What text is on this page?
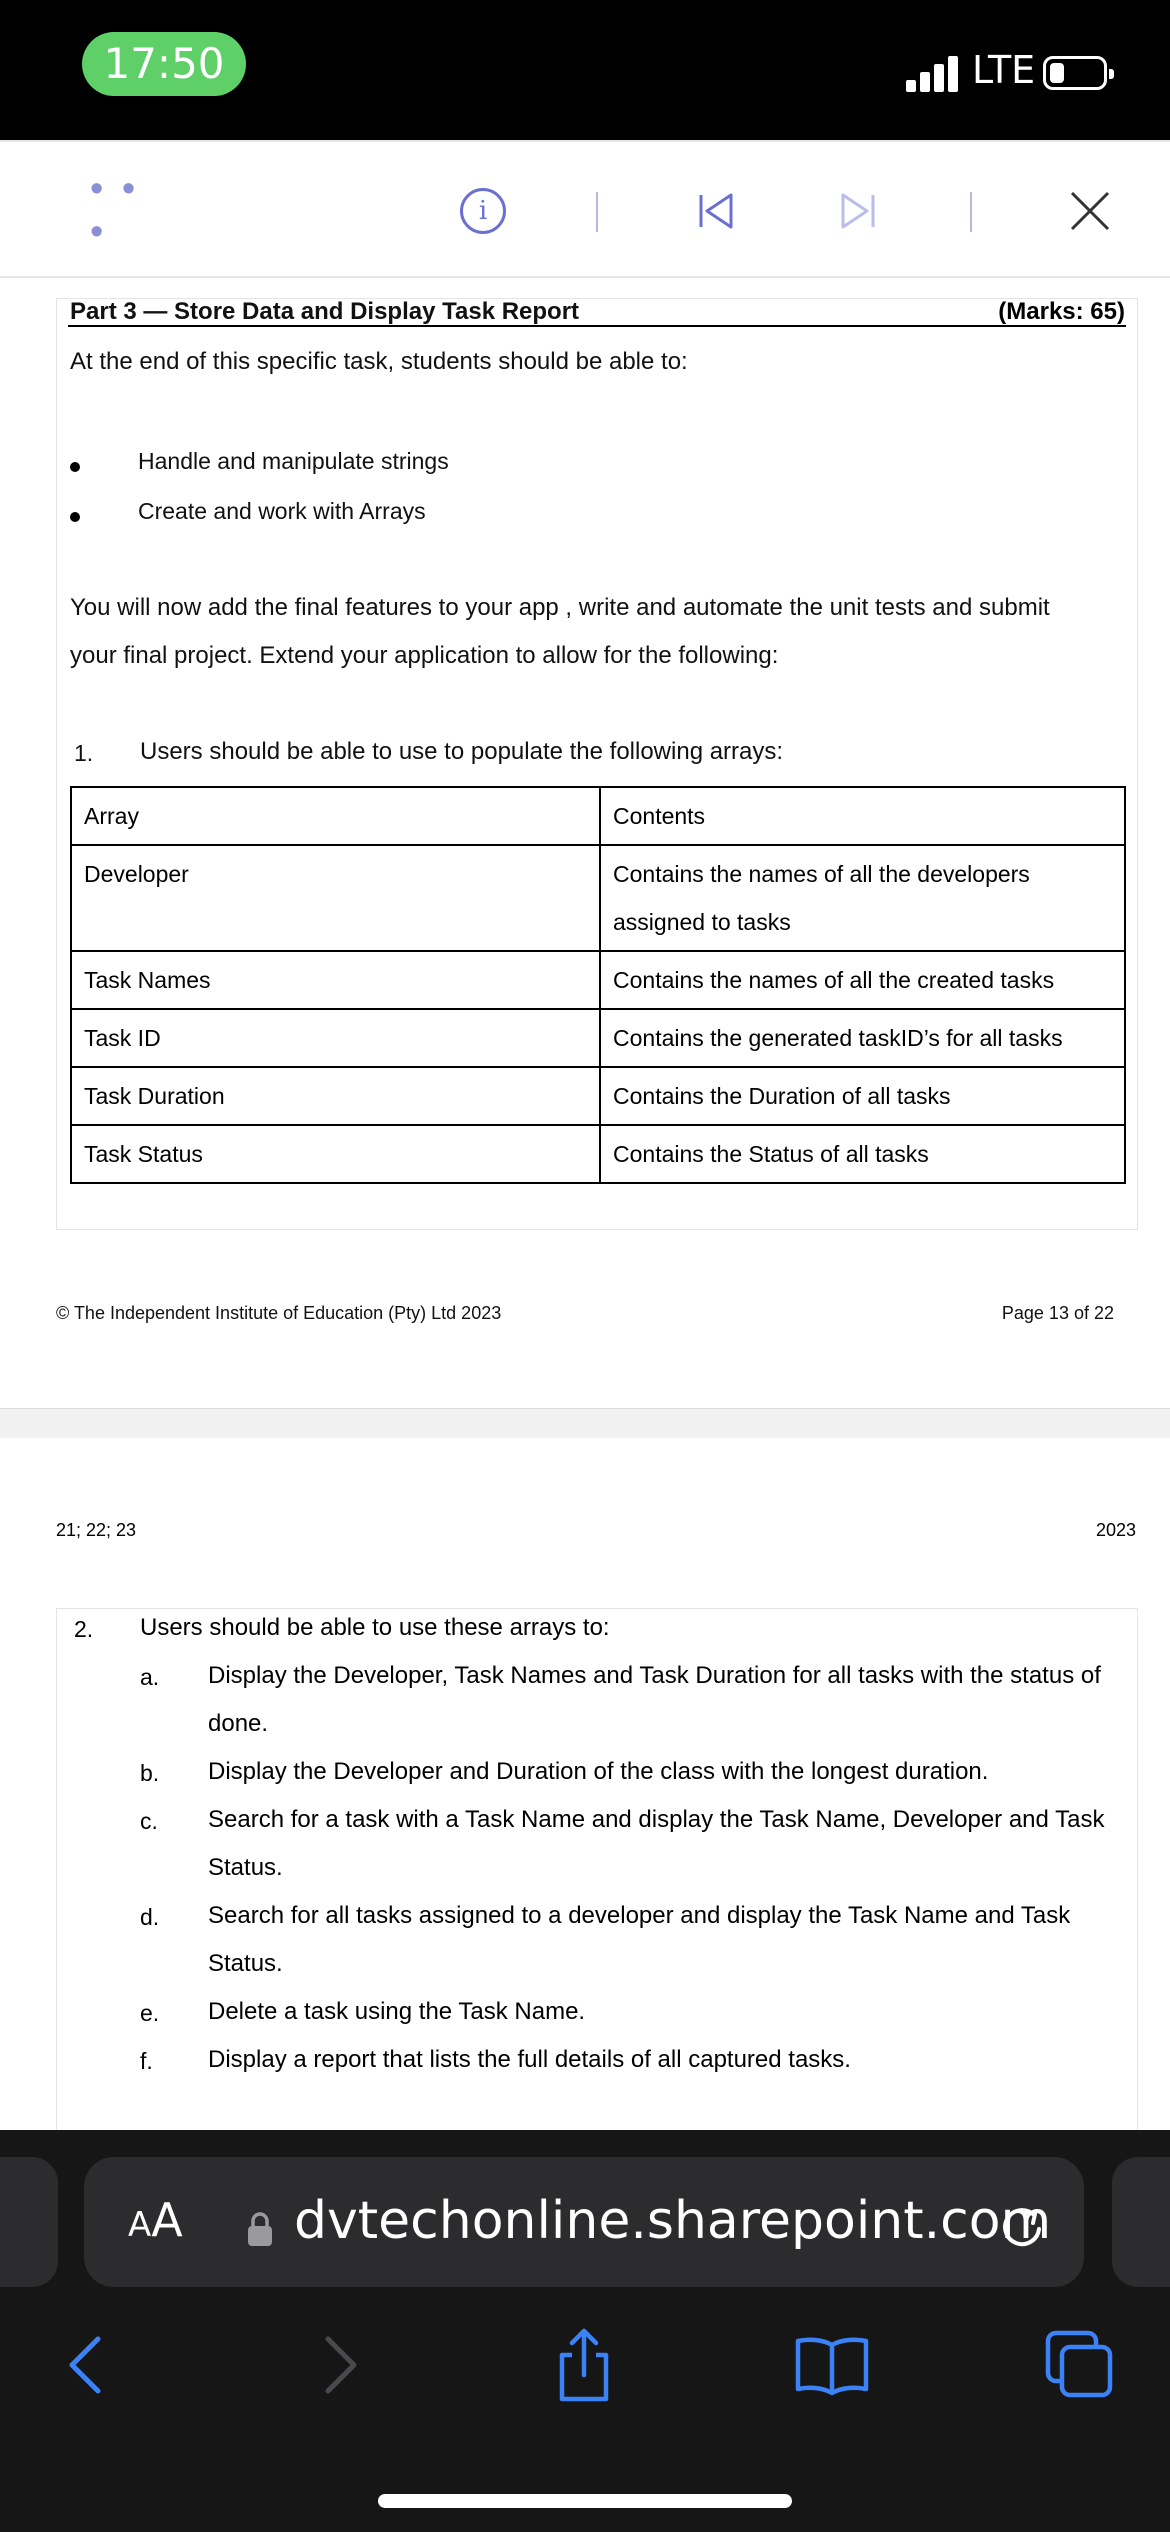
17:50	LTE
• • •	i
Part 3 — Store Data and Display Task Report	(Marks: 65)
At the end of this specific task, students should be able to:
Handle and manipulate strings
Create and work with Arrays
You will now add the final features to your app , write and automate the unit tests and submit
your final project. Extend your application to allow for the following:
1. Users should be able to use to populate the following arrays:
Array	Contents
Developer	Contains the names of all the developers
assigned to tasks

Task Names	Contains the names of all the created tasks
Task ID	Contains the generated taskID’s for all tasks
Task Duration	Contains the Duration of all tasks
Task Status	Contains the Status of all tasks
© The Independent Institute of Education (Pty) Ltd 2023	Page 13 of 22
21; 22; 23	2023
2. Users should be able to use these arrays to:
a. Display the Developer, Task Names and Task Duration for all tasks with the status of
done.
b. Display the Developer and Duration of the class with the longest duration.
c. Search for a task with a Task Name and display the Task Name, Developer and Task
Status.
d. Search for all tasks assigned to a developer and display the Task Name and Task
Status.
e. Delete a task using the Task Name.
f. Display a report that lists the full details of all captured tasks.
AA dvtechonline.sharepoint.com
